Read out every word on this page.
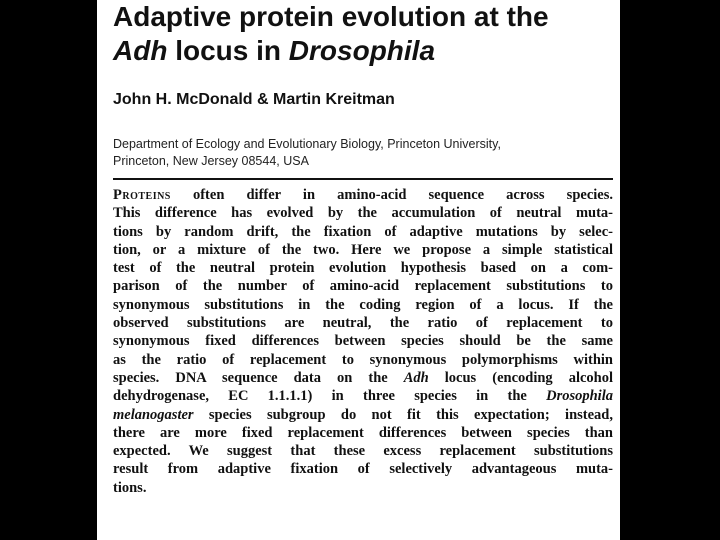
Adaptive protein evolution at the
Adh locus in Drosophila
John H. McDonald & Martin Kreitman
Department of Ecology and Evolutionary Biology, Princeton University,
Princeton, New Jersey 08544, USA
Proteins often differ in amino-acid sequence across species.
This difference has evolved by the accumulation of neutral muta-
tions by random drift, the fixation of adaptive mutations by selec-
tion, or a mixture of the two. Here we propose a simple statistical
test of the neutral protein evolution hypothesis based on a com-
parison of the number of amino-acid replacement substitutions to
synonymous substitutions in the coding region of a locus. If the
observed substitutions are neutral, the ratio of replacement to
synonymous fixed differences between species should be the same
as the ratio of replacement to synonymous polymorphisms within
species. DNA sequence data on the Adh locus (encoding alcohol
dehydrogenase, EC 1.1.1.1) in three species in the Drosophila
melanogaster species subgroup do not fit this expectation; instead,
there are more fixed replacement differences between species than
expected. We suggest that these excess replacement substitutions
result from adaptive fixation of selectively advantageous muta-
tions.
